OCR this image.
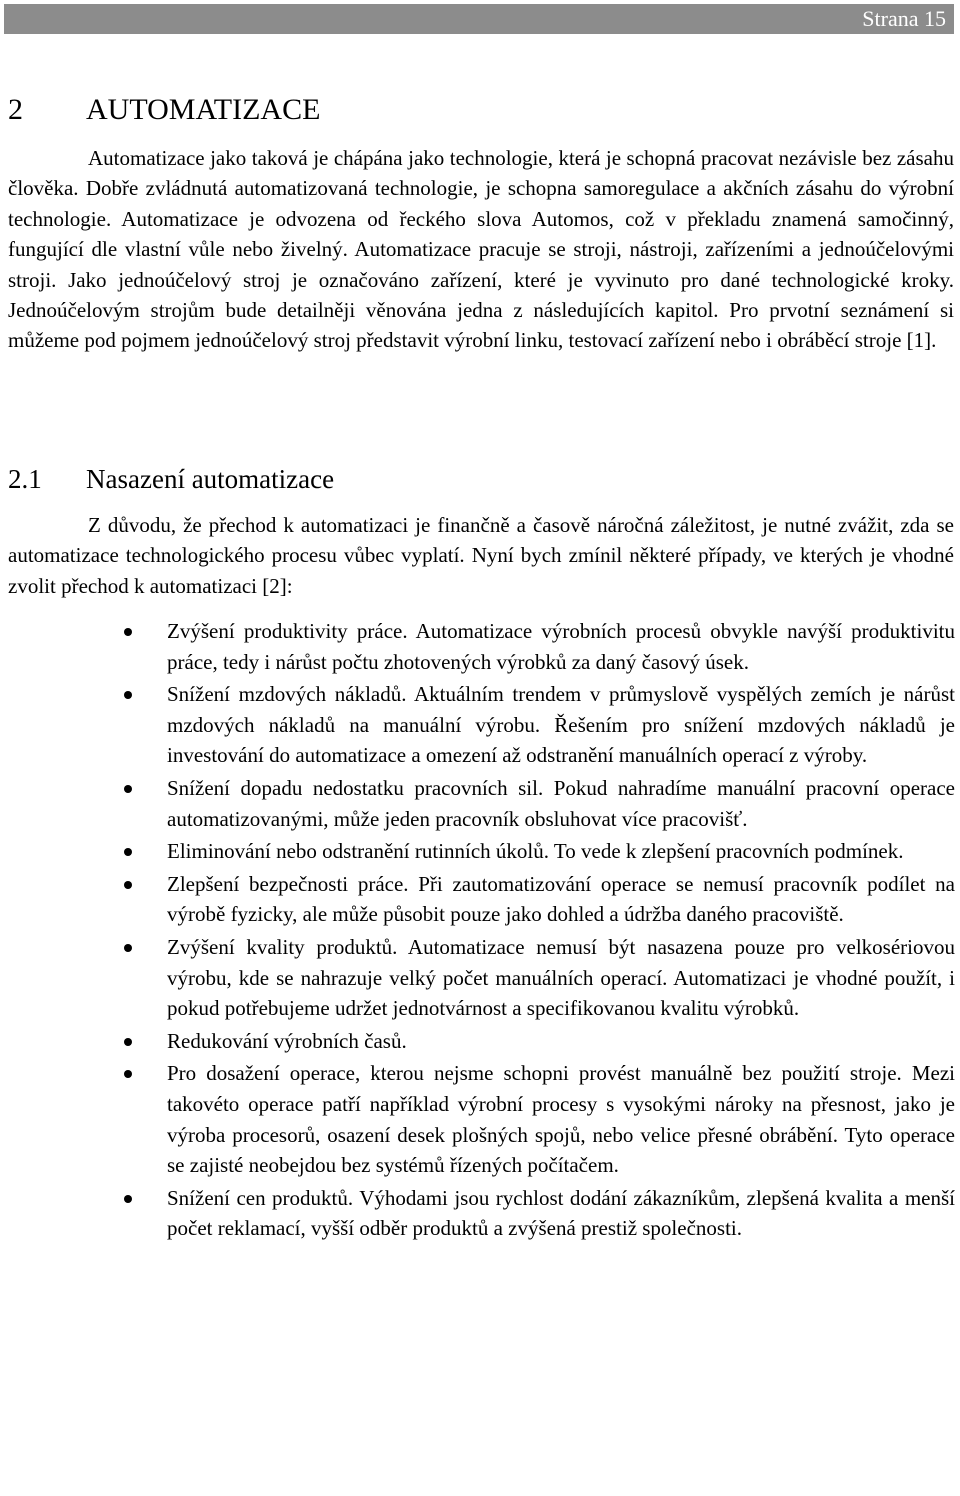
Strana 15
2 AUTOMATIZACE

Automatizace jako taková je chápána jako technologie, která je schopná pracovat nezávisle bez zásahu člověka. Dobře zvládnutá automatizovaná technologie, je schopna samoregulace a akčních zásahu do výrobní technologie. Automatizace je odvozena od řeckého slova Automos, což v překladu znamená samočinný, fungující dle vlastní vůle nebo živelný. Automatizace pracuje se stroji, nástroji, zařízeními a jednoúčelovými stroji. Jako jednoúčelový stroj je označováno zařízení, které je vyvinuto pro dané technologické kroky. Jednoúčelovým strojům bude detailněji věnována jedna z následujících kapitol. Pro prvotní seznámení si můžeme pod pojmem jednoúčelový stroj představit výrobní linku, testovací zařízení nebo i obráběcí stroje [1].

2.1 Nasazení automatizace

Z důvodu, že přechod k automatizaci je finančně a časově náročná záležitost, je nutné zvážit, zda se automatizace technologického procesu vůbec vyplatí. Nyní bych zmínil některé případy, ve kterých je vhodné zvolit přechod k automatizaci [2]:

Zvýšení produktivity práce. Automatizace výrobních procesů obvykle navýší produktivitu práce, tedy i nárůst počtu zhotovených výrobků za daný časový úsek.
Snížení mzdových nákladů. Aktuálním trendem v průmyslově vyspělých zemích je nárůst mzdových nákladů na manuální výrobu. Řešením pro snížení mzdových nákladů je investování do automatizace a omezení až odstranění manuálních operací z výroby.
Snížení dopadu nedostatku pracovních sil. Pokud nahradíme manuální pracovní operace automatizovanými, může jeden pracovník obsluhovat více pracovišť.
Eliminování nebo odstranění rutinních úkolů. To vede k zlepšení pracovních podmínek.
Zlepšení bezpečnosti práce. Při zautomatizování operace se nemusí pracovník podílet na výrobě fyzicky, ale může působit pouze jako dohled a údržba daného pracoviště.
Zvýšení kvality produktů. Automatizace nemusí být nasazena pouze pro velkosériovou výrobu, kde se nahrazuje velký počet manuálních operací. Automatizaci je vhodné použít, i pokud potřebujeme udržet jednotvárnost a specifikovanou kvalitu výrobků.
Redukování výrobních časů.
Pro dosažení operace, kterou nejsme schopni provést manuálně bez použití stroje. Mezi takovéto operace patří například výrobní procesy s vysokými nároky na přesnost, jako je výroba procesorů, osazení desek plošných spojů, nebo velice přesné obrábění. Tyto operace se zajisté neobejdou bez systémů řízených počítačem.
Snížení cen produktů. Výhodami jsou rychlost dodání zákazníkům, zlepšená kvalita a menší počet reklamací, vyšší odběr produktů a zvýšená prestiž společnosti.
